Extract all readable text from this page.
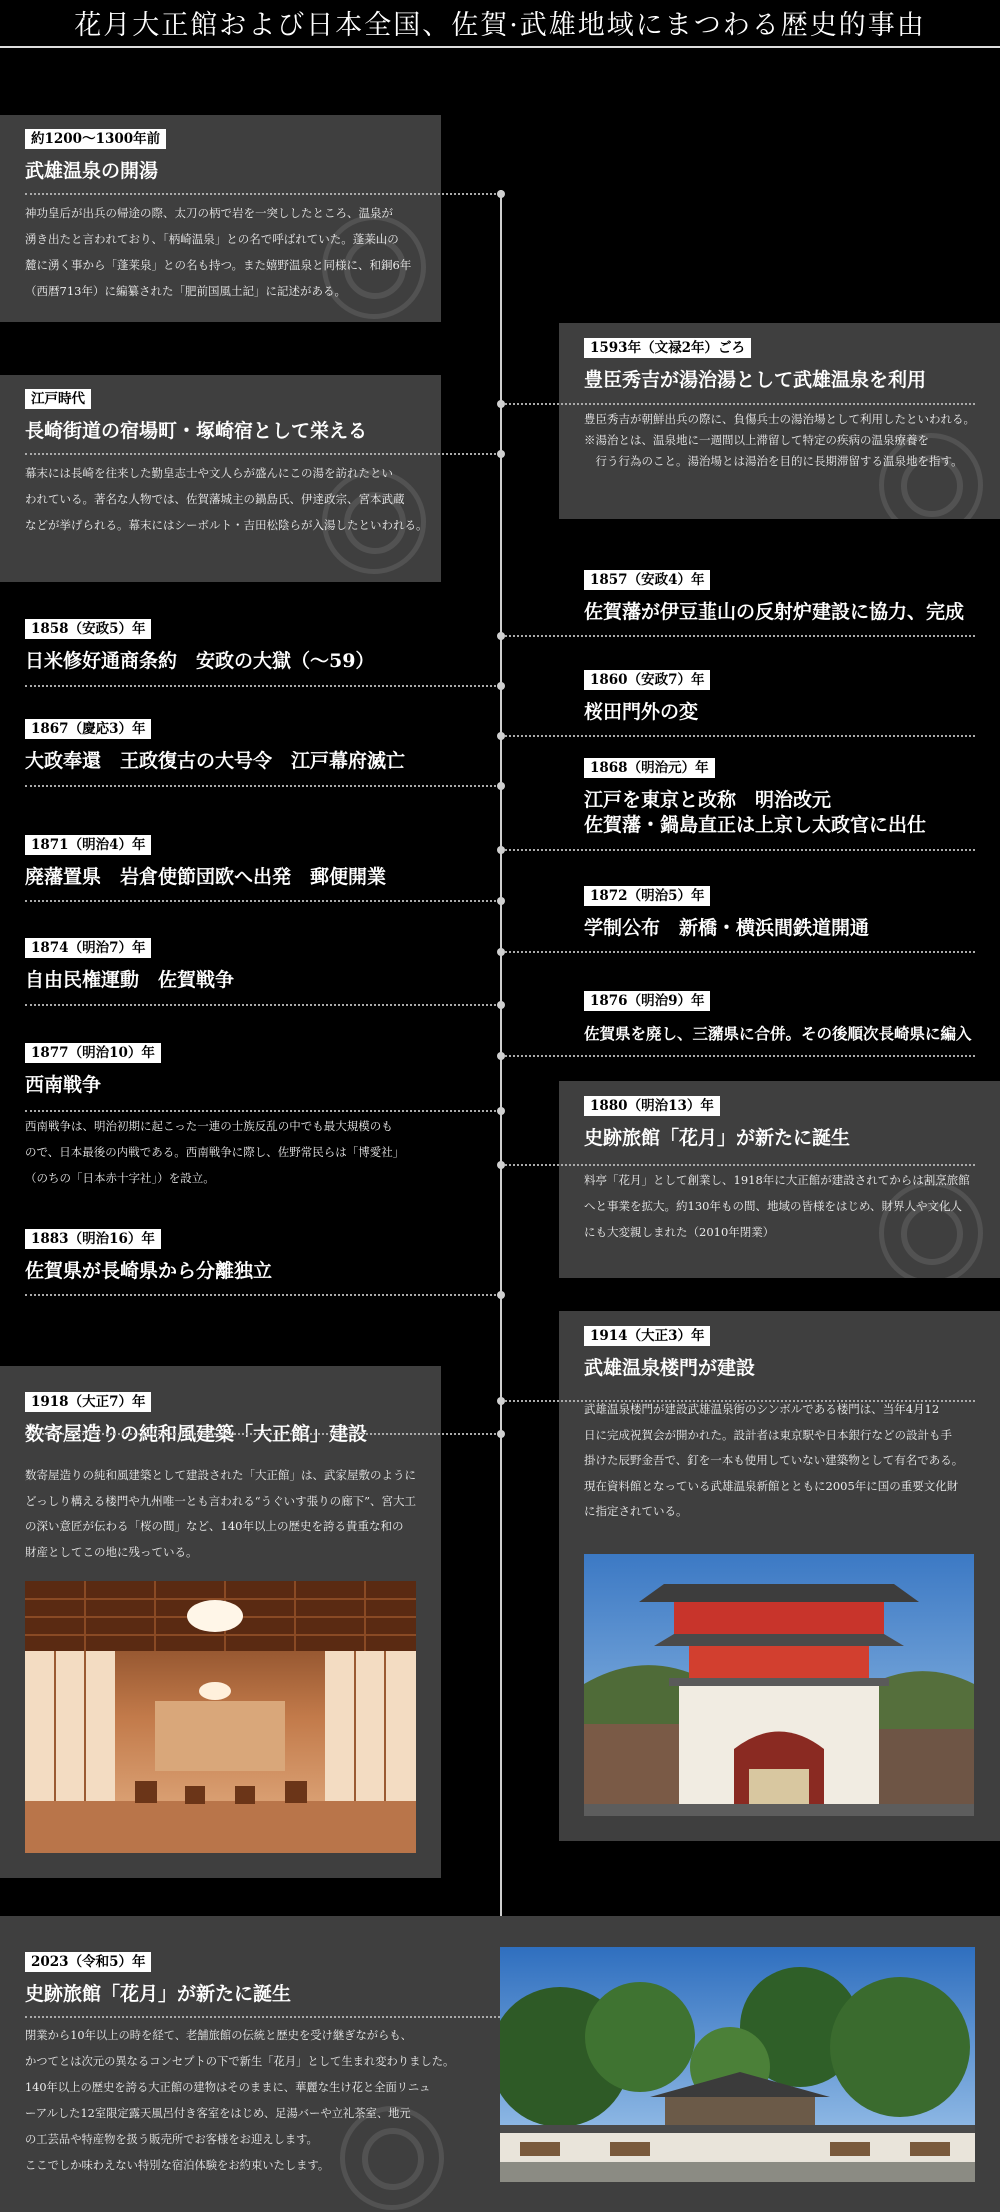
花月大正館および日本全国、佐賀·武雄地域にまつわる歴史的事由
約1200～1300年前
武雄温泉の開湯
神功皇后が出兵の帰途の際、太刀の柄で岩を一突ししたところ、温泉が
湧き出たと言われており、「柄崎温泉」との名で呼ばれていた。蓬莱山の
麓に湧く事から「蓬莱泉」との名も持つ。また嬉野温泉と同様に、和銅6年
（西暦713年）に編纂された「肥前国風土記」に記述がある。
1593年（文禄2年）ごろ
豊臣秀吉が湯治湯として武雄温泉を利用
豊臣秀吉が朝鮮出兵の際に、負傷兵士の湯治場として利用したといわれる。
※湯治とは、温泉地に一週間以上滞留して特定の疾病の温泉療養を
　行う行為のこと。湯治場とは湯治を目的に長期滞留する温泉地を指す。
江戸時代
長崎街道の宿場町・塚崎宿として栄える
幕末には長崎を往来した勤皇志士や文人らが盛んにこの湯を訪れたとい
われている。著名な人物では、佐賀藩城主の鍋島氏、伊達政宗、宮本武蔵
などが挙げられる。幕末にはシーボルト・吉田松陰らが入湯したといわれる。
1857（安政4）年
佐賀藩が伊豆韮山の反射炉建設に協力、完成
1858（安政5）年
日米修好通商条約　安政の大獄（～59）
1860（安政7）年
桜田門外の変
1867（慶応3）年
大政奉還　王政復古の大号令　江戸幕府滅亡	1868（明治元）年
江戸を東京と改称　明治改元
佐賀藩・鍋島直正は上京し太政官に出仕
1871（明治4）年
廃藩置県　岩倉使節団欧へ出発　郵便開業
1872（明治5）年
学制公布　新橋・横浜間鉄道開通
1874（明治7）年
自由民権運動　佐賀戦争
1876（明治9）年
佐賀県を廃し、三瀦県に合併。その後順次長崎県に編入
1877（明治10）年
西南戦争
西南戦争は、明治初期に起こった一連の士族反乱の中でも最大規模のも
ので、日本最後の内戦である。西南戦争に際し、佐野常民らは「博愛社」
（のちの「日本赤十字社」）を設立。
1880（明治13）年
史跡旅館「花月」が新たに誕生
料亭「花月」として創業し、1918年に大正館が建設されてからは割烹旅館
へと事業を拡大。約130年もの間、地域の皆様をはじめ、財界人や文化人
にも大変親しまれた（2010年閉業）
1883（明治16）年
佐賀県が長崎県から分離独立
1914（大正3）年
武雄温泉楼門が建設
武雄温泉楼門が建設武雄温泉街のシンボルである楼門は、当年4月12
日に完成祝賀会が開かれた。設計者は東京駅や日本銀行などの設計も手
掛けた辰野金吾で、釘を一本も使用していない建築物として有名である。
現在資料館となっている武雄温泉新館とともに2005年に国の重要文化財
に指定されている。
1918（大正7）年
数寄屋造りの純和風建築「大正館」建設
数寄屋造りの純和風建築として建設された「大正館」は、武家屋敷のように
どっしり構える楼門や九州唯一とも言われる“うぐいす張りの廊下”、宮大工
の深い意匠が伝わる「桜の間」など、140年以上の歴史を誇る貴重な和の
財産としてこの地に残っている。
2023（令和5）年
史跡旅館「花月」が新たに誕生
閉業から10年以上の時を経て、老舗旅館の伝統と歴史を受け継ぎながらも、
かつてとは次元の異なるコンセプトの下で新生「花月」として生まれ変わりました。
140年以上の歴史を誇る大正館の建物はそのままに、華麗な生け花と全面リニュ
ーアルした12室限定露天風呂付き客室をはじめ、足湯バーや立礼茶室、地元
の工芸品や特産物を扱う販売所でお客様をお迎えします。
ここでしか味わえない特別な宿泊体験をお約束いたします。
